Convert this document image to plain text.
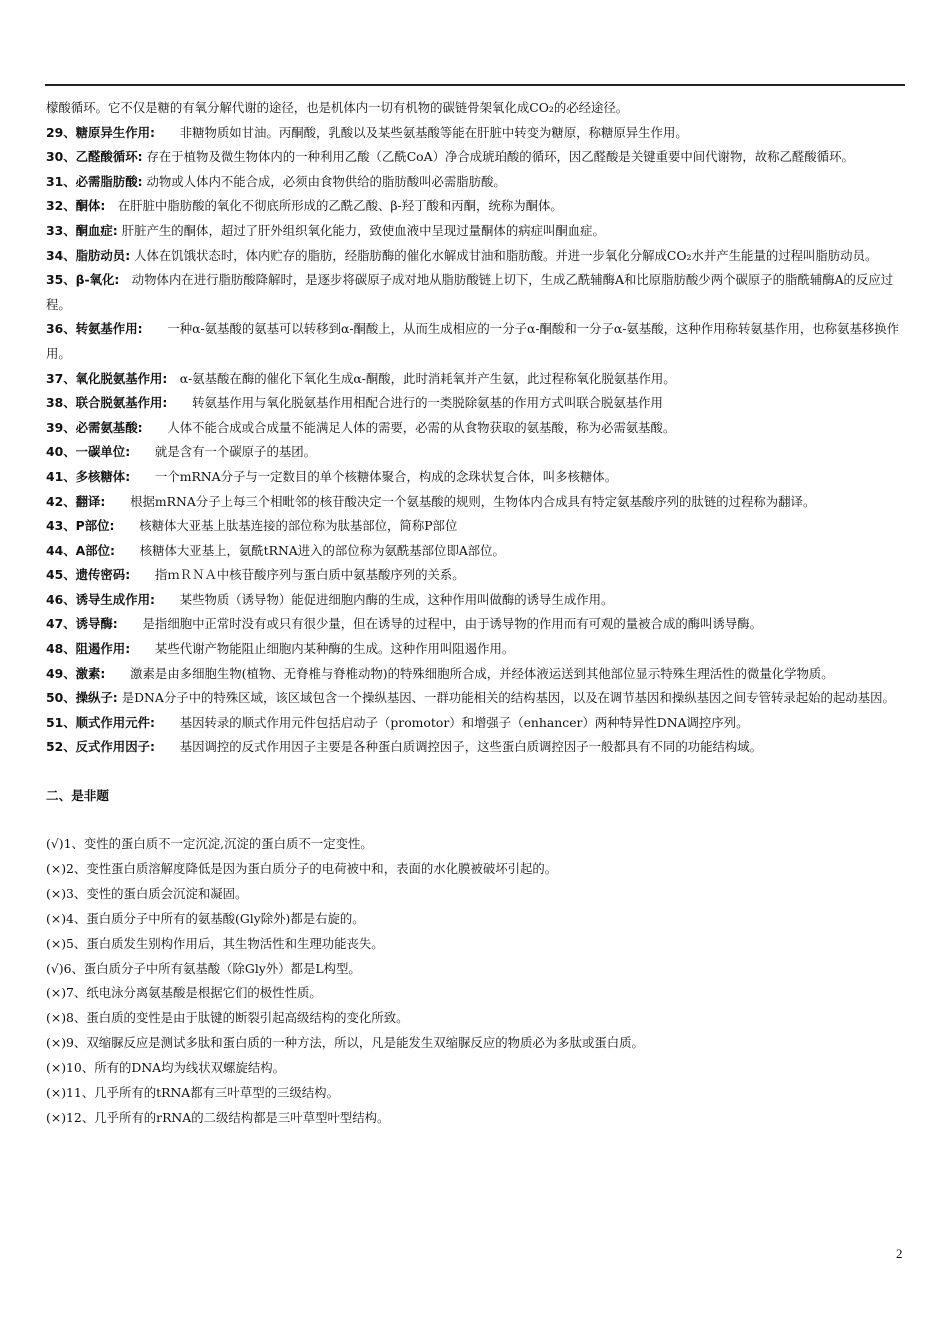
檬酸循环。它不仅是糖的有氧分解代谢的途径，也是机体内一切有机物的碳链骨架氧化成CO₂的必经途径。

29、糖原异生作用:　　非糖物质如甘油。丙酮酸，乳酸以及某些氨基酸等能在肝脏中转变为糖原，称糖原异生作用。

30、乙醛酸循环: 存在于植物及微生物体内的一种利用乙酸（乙酰CoA）净合成琥珀酸的循环，因乙醛酸是关键重要中间代谢物，故称乙醛酸循环。

31、必需脂肪酸: 动物或人体内不能合成，必须由食物供给的脂肪酸叫必需脂肪酸。

32、酮体:　在肝脏中脂肪酸的氧化不彻底所形成的乙酰乙酸、β-羟丁酸和丙酮，统称为酮体。

33、酮血症: 肝脏产生的酮体，超过了肝外组织氧化能力，致使血液中呈现过量酮体的病症叫酮血症。

34、脂肪动员: 人体在饥饿状态时，体内贮存的脂肪，经脂肪酶的催化水解成甘油和脂肪酸。并进一步氧化分解成CO₂水并产生能量的过程叫脂肪动员。

35、β-氧化:　动物体内在进行脂肪酸降解时，是逐步将碳原子成对地从脂肪酸链上切下，生成乙酰辅酶A和比原脂肪酸少两个碳原子的脂酰辅酶A的反应过程。

36、转氨基作用:　　一种α-氨基酸的氨基可以转移到α-酮酸上，从而生成相应的一分子α-酮酸和一分子α-氨基酸，这种作用称转氨基作用，也称氨基移换作用。

37、氧化脱氨基作用:　α-氨基酸在酶的催化下氧化生成α-酮酸，此时消耗氧并产生氨，此过程称氧化脱氨基作用。

38、联合脱氨基作用:　　转氨基作用与氧化脱氨基作用相配合进行的一类脱除氨基的作用方式叫联合脱氨基作用

39、必需氨基酸:　　人体不能合成或合成量不能满足人体的需要，必需的从食物获取的氨基酸，称为必需氨基酸。

40、一碳单位:　　就是含有一个碳原子的基团。

41、多核糖体:　　一个mRNA分子与一定数目的单个核糖体聚合，构成的念珠状复合体，叫多核糖体。

42、翻译:　　根据mRNA分子上每三个相毗邻的核苷酸决定一个氨基酸的规则，生物体内合成具有特定氨基酸序列的肽链的过程称为翻译。

43、P部位:　　核糖体大亚基上肽基连接的部位称为肽基部位，简称P部位

44、A部位:　　核糖体大亚基上，氨酰tRNA进入的部位称为氨酰基部位即A部位。

45、遗传密码:　　指ｍＲＮＡ中核苷酸序列与蛋白质中氨基酸序列的关系。

46、诱导生成作用:　　某些物质（诱导物）能促进细胞内酶的生成，这种作用叫做酶的诱导生成作用。

47、诱导酶:　　是指细胞中正常时没有或只有很少量，但在诱导的过程中，由于诱导物的作用而有可观的量被合成的酶叫诱导酶。

48、阻遏作用:　　某些代谢产物能阻止细胞内某种酶的生成。这种作用叫阻遏作用。

49、激素:　　激素是由多细胞生物(植物、无脊椎与脊椎动物)的特殊细胞所合成，并经体液运送到其他部位显示特殊生理活性的微量化学物质。

50、操纵子: 是DNA分子中的特殊区域，该区域包含一个操纵基因、一群功能相关的结构基因，以及在调节基因和操纵基因之间专管转录起始的起动基因。

51、顺式作用元件:　　基因转录的顺式作用元件包括启动子（promotor）和增强子（enhancer）两种特异性DNA调控序列。

52、反式作用因子:　　基因调控的反式作用因子主要是各种蛋白质调控因子，这些蛋白质调控因子一般都具有不同的功能结构域。

二、是非题

(√)1、变性的蛋白质不一定沉淀,沉淀的蛋白质不一定变性。

(×)2、变性蛋白质溶解度降低是因为蛋白质分子的电荷被中和，表面的水化膜被破坏引起的。

(×)3、变性的蛋白质会沉淀和凝固。

(×)4、蛋白质分子中所有的氨基酸(Gly除外)都是右旋的。

(×)5、蛋白质发生别构作用后，其生物活性和生理功能丧失。

(√)6、蛋白质分子中所有氨基酸（除Gly外）都是L构型。

(×)7、纸电泳分离氨基酸是根据它们的极性性质。

(×)8、蛋白质的变性是由于肽键的断裂引起高级结构的变化所致。

(×)9、双缩脲反应是测试多肽和蛋白质的一种方法，所以，凡是能发生双缩脲反应的物质必为多肽或蛋白质。

(×)10、所有的DNA均为线状双螺旋结构。

(×)11、几乎所有的tRNA都有三叶草型的三级结构。

(×)12、几乎所有的rRNA的二级结构都是三叶草型叶型结构。

2
